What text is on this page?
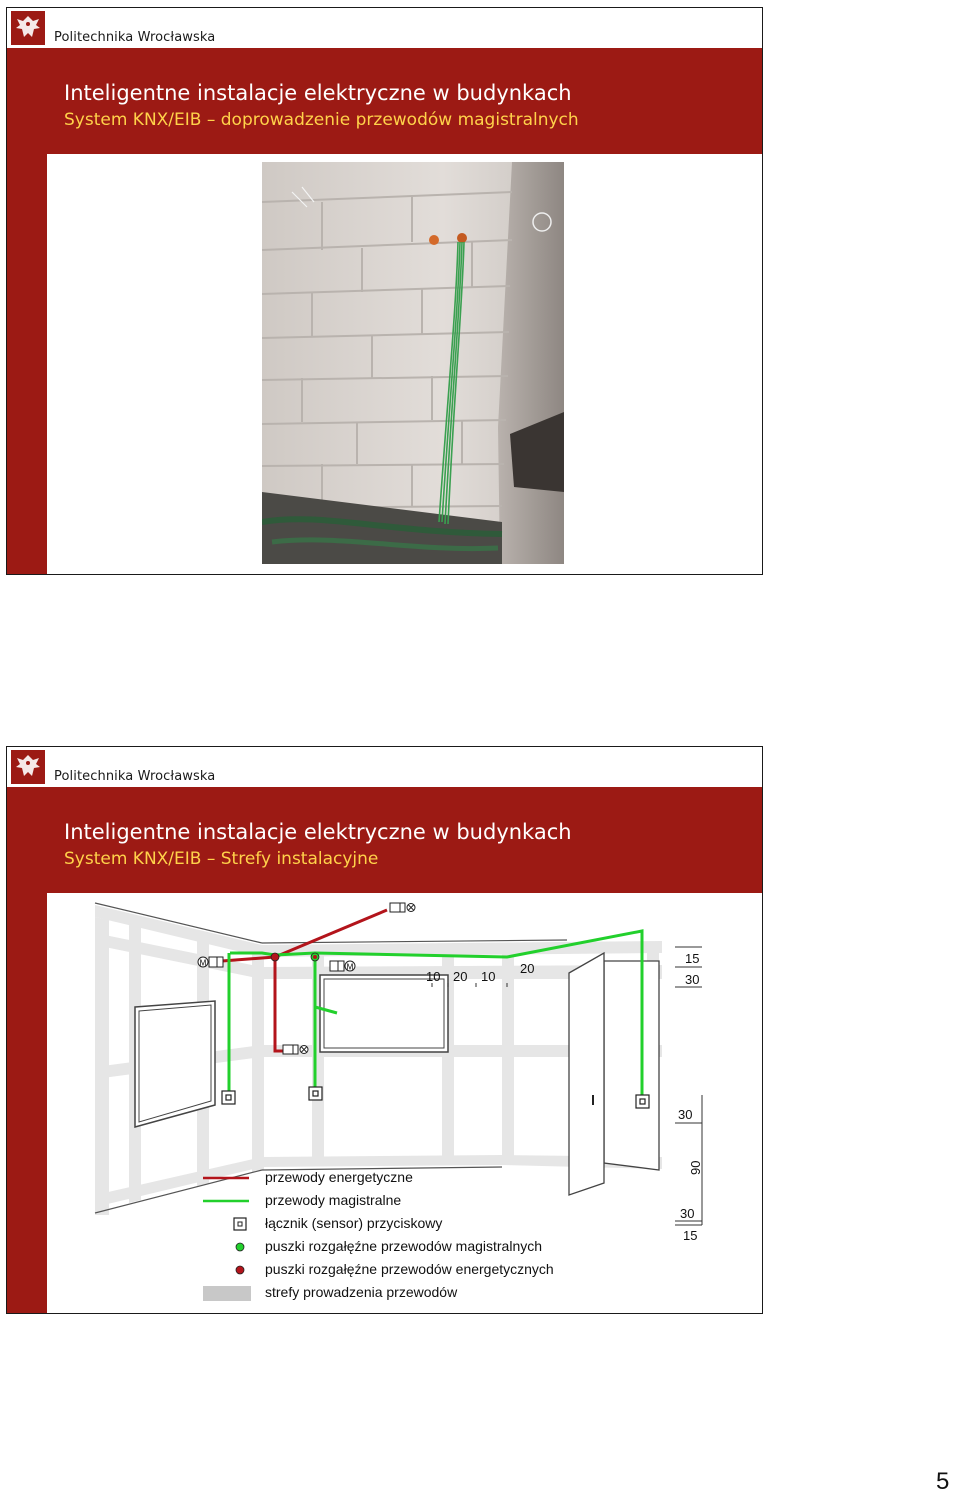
Politechnika Wrocławska
Inteligentne instalacje elektryczne w budynkach
System KNX/EIB – doprowadzenie przewodów magistralnych
Politechnika Wrocławska
Inteligentne instalacje elektryczne w budynkach
System KNX/EIB – Strefy instalacyjne
M	M
10 20 10
20
15
30
30
90
30
15
przewody energetyczne
przewody magistralne
łącznik (sensor) przyciskowy
puszki rozgałęźne przewodów magistralnych
puszki rozgałęźne przewodów energetycznych
strefy prowadzenia przewodów
5
